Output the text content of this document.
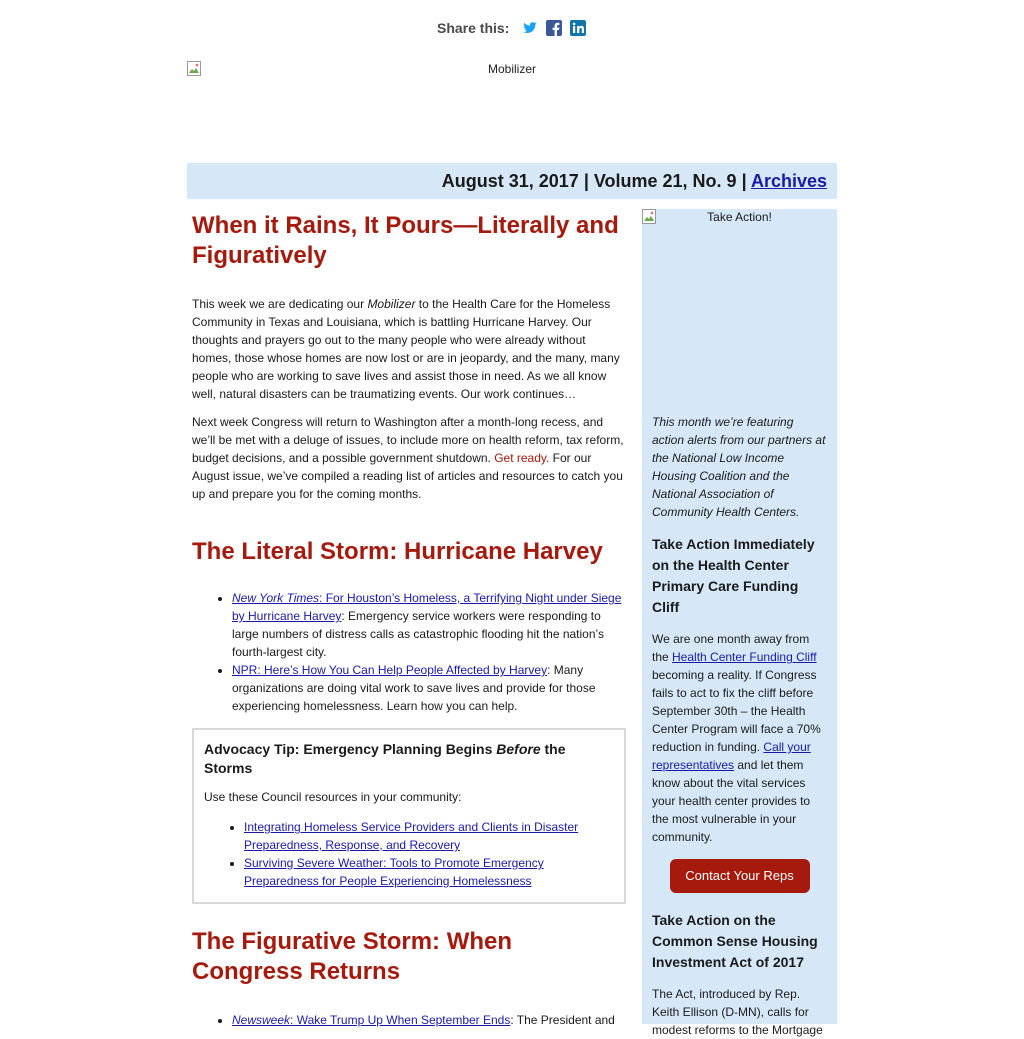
Share this:
Mobilizer
August 31, 2017 | Volume 21, No. 9 | Archives
When it Rains, It Pours—Literally and Figuratively

This week we are dedicating our Mobilizer to the Health Care for the Homeless Community in Texas and Louisiana, which is battling Hurricane Harvey. Our thoughts and prayers go out to the many people who were already without homes, those whose homes are now lost or are in jeopardy, and the many, many people who are working to save lives and assist those in need. As we all know well, natural disasters can be traumatizing events. Our work continues…

Next week Congress will return to Washington after a month-long recess, and we’ll be met with a deluge of issues, to include more on health reform, tax reform, budget decisions, and a possible government shutdown. Get ready. For our August issue, we’ve compiled a reading list of articles and resources to catch you up and prepare you for the coming months.

The Literal Storm: Hurricane Harvey
• New York Times: For Houston’s Homeless, a Terrifying Night under Siege by Hurricane Harvey: Emergency service workers were responding to large numbers of distress calls as catastrophic flooding hit the nation’s fourth-largest city.
• NPR: Here’s How You Can Help People Affected by Harvey: Many organizations are doing vital work to save lives and provide for those experiencing homelessness. Learn how you can help.
Advocacy Tip: Emergency Planning Begins Before the Storms

Use these Council resources in your community:

• Integrating Homeless Service Providers and Clients in Disaster Preparedness, Response, and Recovery
• Surviving Severe Weather: Tools to Promote Emergency Preparedness for People Experiencing Homelessness
The Figurative Storm: When Congress Returns
• Newsweek: Wake Trump Up When September Ends: The President and
Take Action!

This month we’re featuring action alerts from our partners at the National Low Income Housing Coalition and the National Association of Community Health Centers.

Take Action Immediately on the Health Center Primary Care Funding Cliff

We are one month away from the Health Center Funding Cliff becoming a reality. If Congress fails to act to fix the cliff before September 30th – the Health Center Program will face a 70% reduction in funding. Call your representatives and let them know about the vital services your health center provides to the most vulnerable in your community.

Contact Your Reps
Take Action on the Common Sense Housing Investment Act of 2017

The Act, introduced by Rep. Keith Ellison (D-MN), calls for modest reforms to the Mortgage
